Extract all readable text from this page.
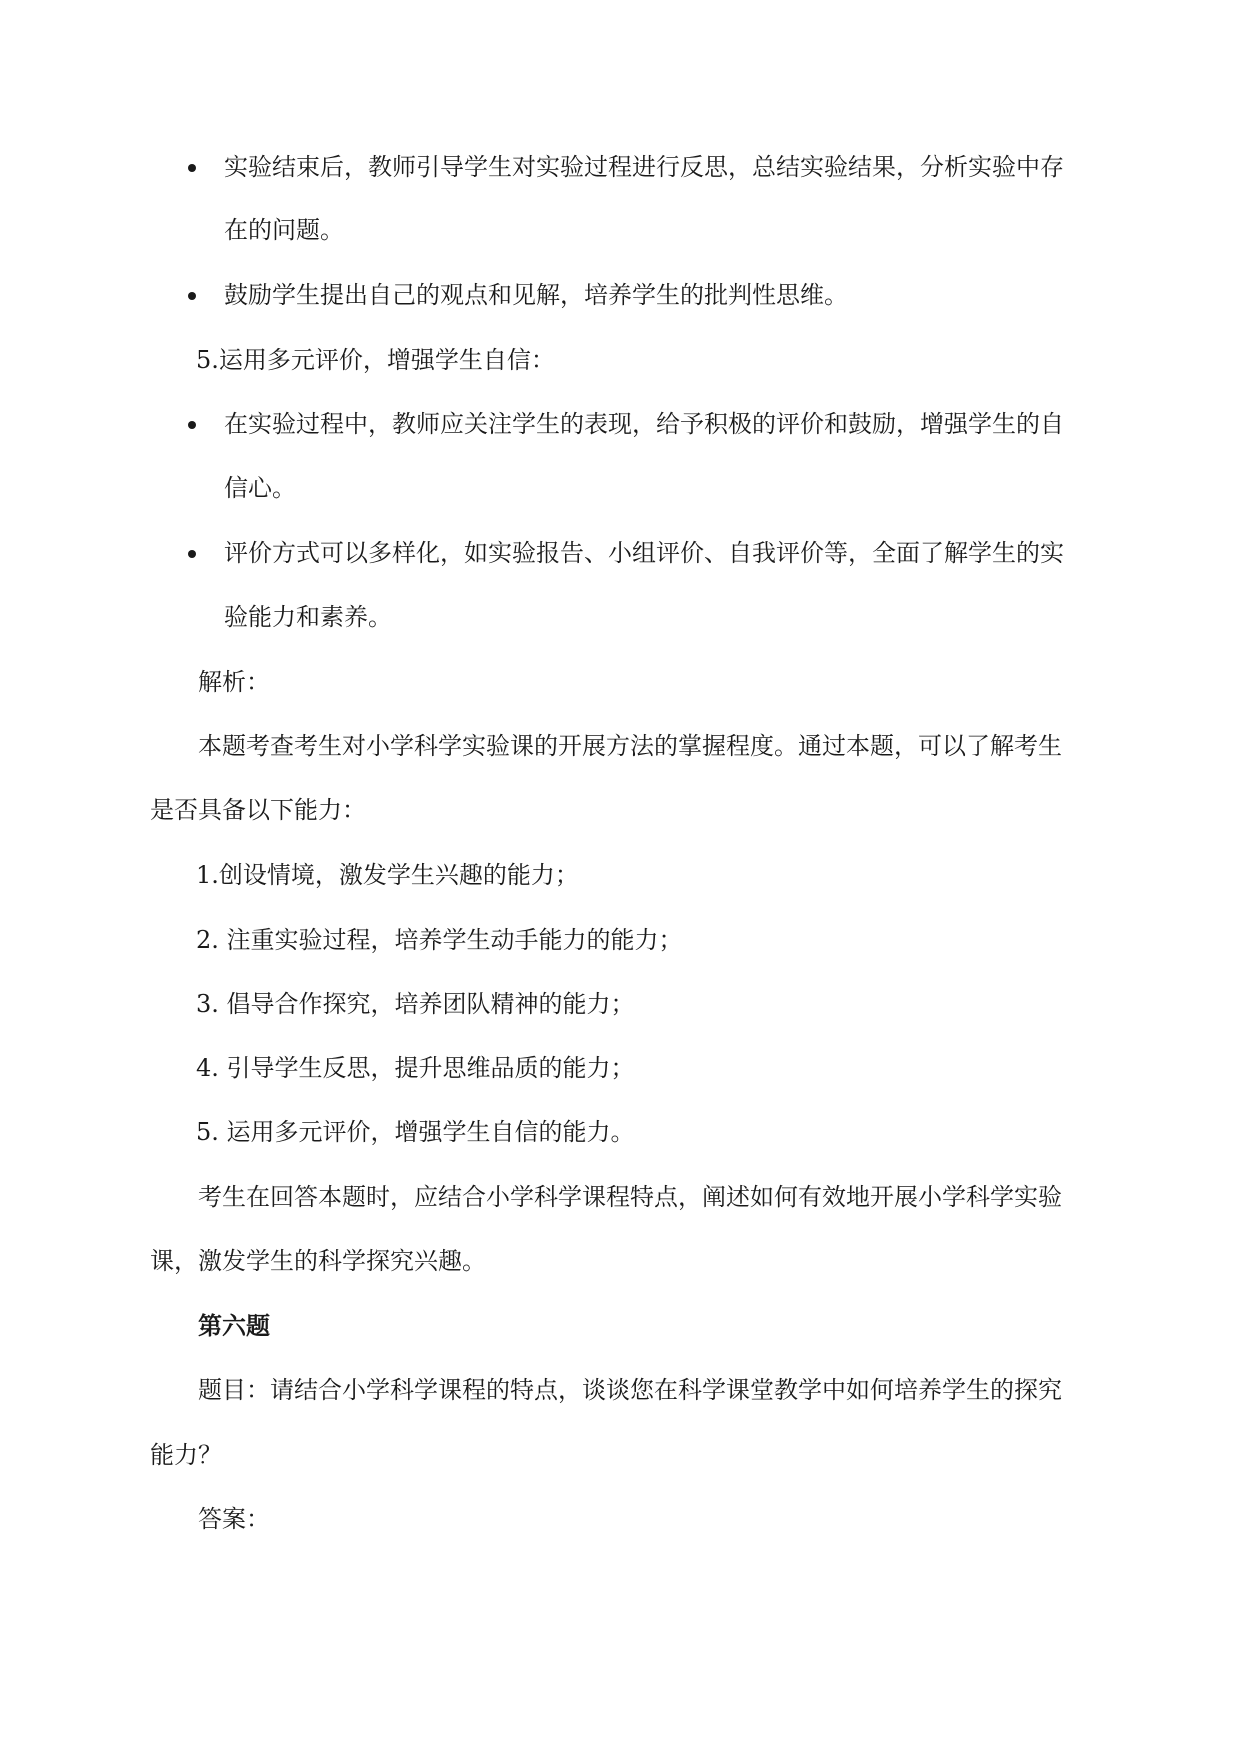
实验结束后，教师引导学生对实验过程进行反思，总结实验结果，分析实验中存
在的问题。
鼓励学生提出自己的观点和见解，培养学生的批判性思维。
5.运用多元评价，增强学生自信：
在实验过程中，教师应关注学生的表现，给予积极的评价和鼓励，增强学生的自
信心。
评价方式可以多样化，如实验报告、小组评价、自我评价等，全面了解学生的实
验能力和素养。
解析：
本题考查考生对小学科学实验课的开展方法的掌握程度。通过本题，可以了解考生
是否具备以下能力：
1.创设情境，激发学生兴趣的能力；
2. 注重实验过程，培养学生动手能力的能力；
3. 倡导合作探究，培养团队精神的能力；
4. 引导学生反思，提升思维品质的能力；
5. 运用多元评价，增强学生自信的能力。
考生在回答本题时，应结合小学科学课程特点，阐述如何有效地开展小学科学实验
课，激发学生的科学探究兴趣。
第六题
题目：请结合小学科学课程的特点，谈谈您在科学课堂教学中如何培养学生的探究
能力？
答案：
